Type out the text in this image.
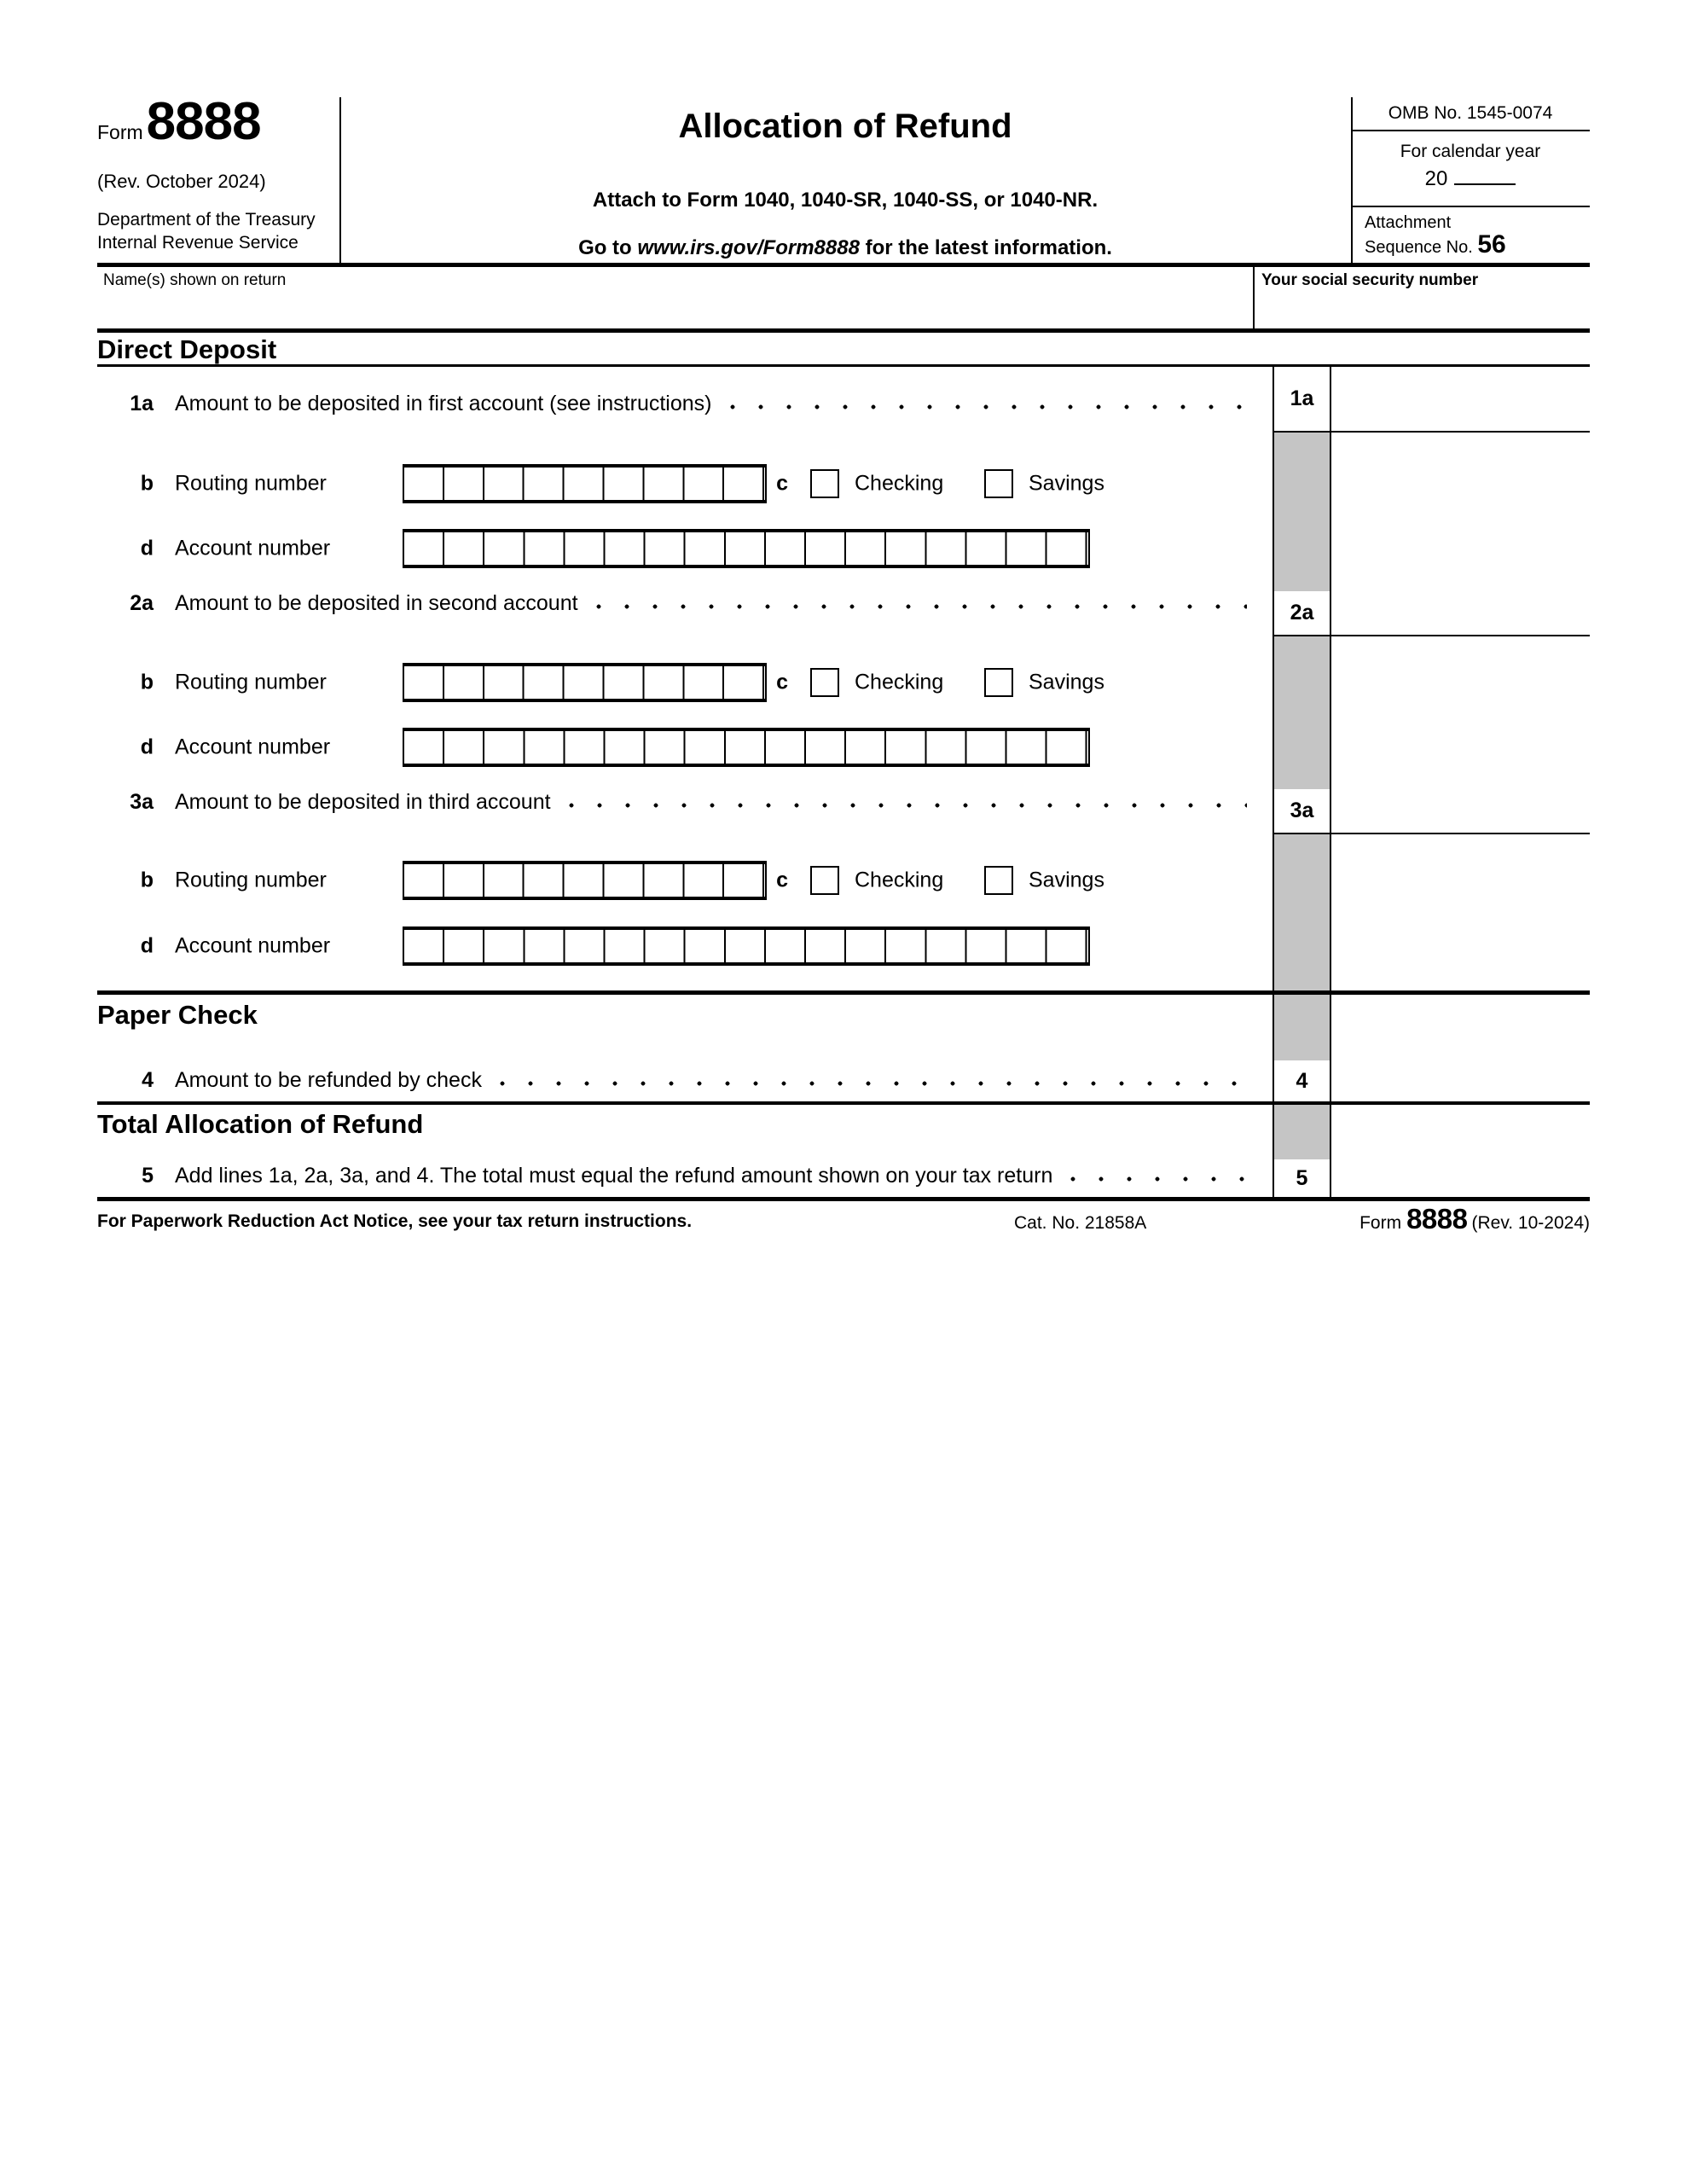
Form 8888
(Rev. October 2024)
Department of the Treasury
Internal Revenue Service
Allocation of Refund
Attach to Form 1040, 1040-SR, 1040-SS, or 1040-NR.
Go to www.irs.gov/Form8888 for the latest information.
OMB No. 1545-0074
For calendar year
20
Attachment
Sequence No. 56
Name(s) shown on return	Your social security number
Direct Deposit
1a Amount to be deposited in first account (see instructions)	1a
b Routing number	c	Checking	Savings
d Account number
2a Amount to be deposited in second account	2a
b Routing number	c	Checking	Savings
d Account number
3a Amount to be deposited in third account	3a
b Routing number	c	Checking	Savings
d Account number
Paper Check
4 Amount to be refunded by check	4
Total Allocation of Refund
5 Add lines 1a, 2a, 3a, and 4. The total must equal the refund amount shown on your tax return	5
For Paperwork Reduction Act Notice, see your tax return instructions.	Cat. No. 21858A	Form 8888 (Rev. 10-2024)
